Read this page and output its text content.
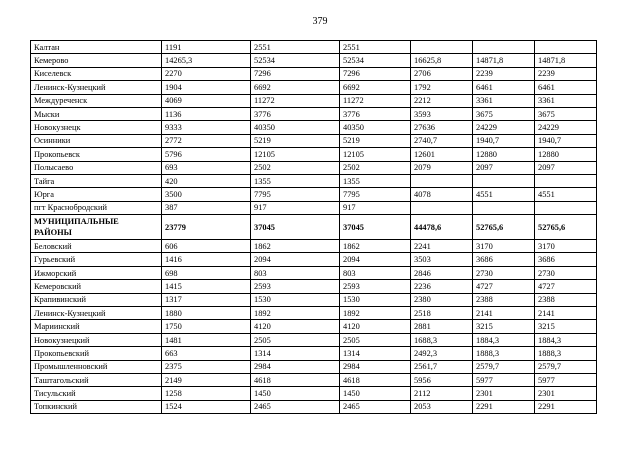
379
Калтан	1191	2551	2551			
Кемерово	14265,3	52534	52534	16625,8	14871,8	14871,8
Киселевск	2270	7296	7296	2706	2239	2239
Ленинск-Кузнецкий	1904	6692	6692	1792	6461	6461
Междуреченск	4069	11272	11272	2212	3361	3361
Мыски	1136	3776	3776	3593	3675	3675
Новокузнецк	9333	40350	40350	27636	24229	24229
Осинники	2772	5219	5219	2740,7	1940,7	1940,7
Прокопьевск	5796	12105	12105	12601	12880	12880
Полысаево	693	2502	2502	2079	2097	2097
Тайга	420	1355	1355			
Юрга	3500	7795	7795	4078	4551	4551
пгт Краснобродский	387	917	917			
МУНИЦИПАЛЬНЫЕ РАЙОНЫ	23779	37045	37045	44478,6	52765,6	52765,6
Беловский	606	1862	1862	2241	3170	3170
Гурьевский	1416	2094	2094	3503	3686	3686
Ижморский	698	803	803	2846	2730	2730
Кемеровский	1415	2593	2593	2236	4727	4727
Крапивинский	1317	1530	1530	2380	2388	2388
Ленинск-Кузнецкий	1880	1892	1892	2518	2141	2141
Мариинский	1750	4120	4120	2881	3215	3215
Новокузнецкий	1481	2505	2505	1688,3	1884,3	1884,3
Прокопьевский	663	1314	1314	2492,3	1888,3	1888,3
Промышленновский	2375	2984	2984	2561,7	2579,7	2579,7
Таштагольский	2149	4618	4618	5956	5977	5977
Тисульский	1258	1450	1450	2112	2301	2301
Топкинский	1524	2465	2465	2053	2291	2291
